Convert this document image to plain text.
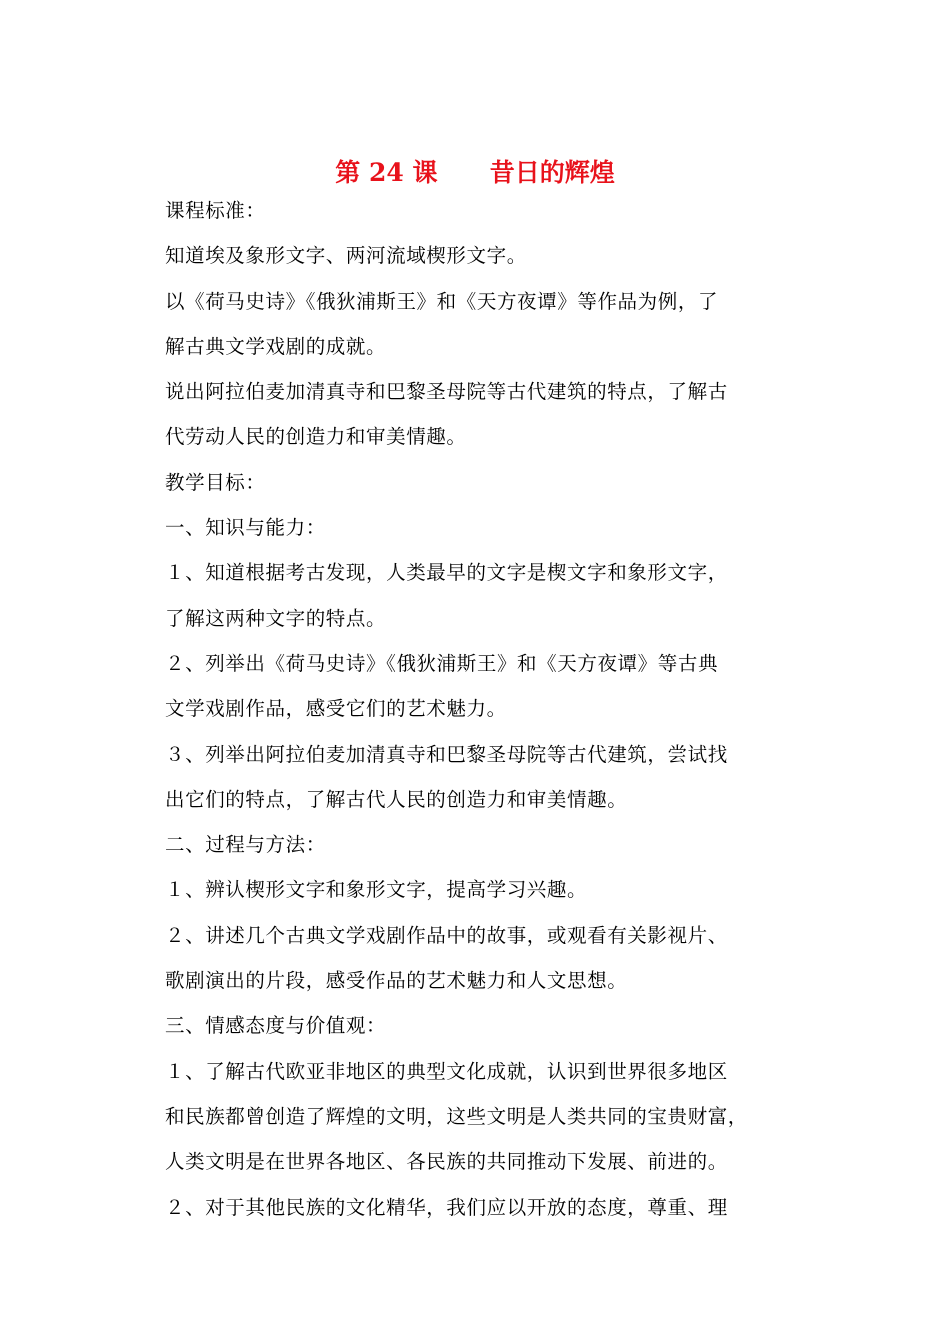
第 24 课      昔日的辉煌
课程标准：
知道埃及象形文字、两河流域楔形文字。
以《荷马史诗》《俄狄浦斯王》和《天方夜谭》等作品为例，了
解古典文学戏剧的成就。
说出阿拉伯麦加清真寺和巴黎圣母院等古代建筑的特点，了解古
代劳动人民的创造力和审美情趣。
教学目标：
一、知识与能力：
１、知道根据考古发现，人类最早的文字是楔文字和象形文字，
了解这两种文字的特点。
２、列举出《荷马史诗》《俄狄浦斯王》和《天方夜谭》等古典
文学戏剧作品，感受它们的艺术魅力。
３、列举出阿拉伯麦加清真寺和巴黎圣母院等古代建筑，尝试找
出它们的特点，了解古代人民的创造力和审美情趣。
二、过程与方法：
１、辨认楔形文字和象形文字，提高学习兴趣。
２、讲述几个古典文学戏剧作品中的故事，或观看有关影视片、
歌剧演出的片段，感受作品的艺术魅力和人文思想。
三、情感态度与价值观：
１、了解古代欧亚非地区的典型文化成就，认识到世界很多地区
和民族都曾创造了辉煌的文明，这些文明是人类共同的宝贵财富，
人类文明是在世界各地区、各民族的共同推动下发展、前进的。
２、对于其他民族的文化精华，我们应以开放的态度，尊重、理
